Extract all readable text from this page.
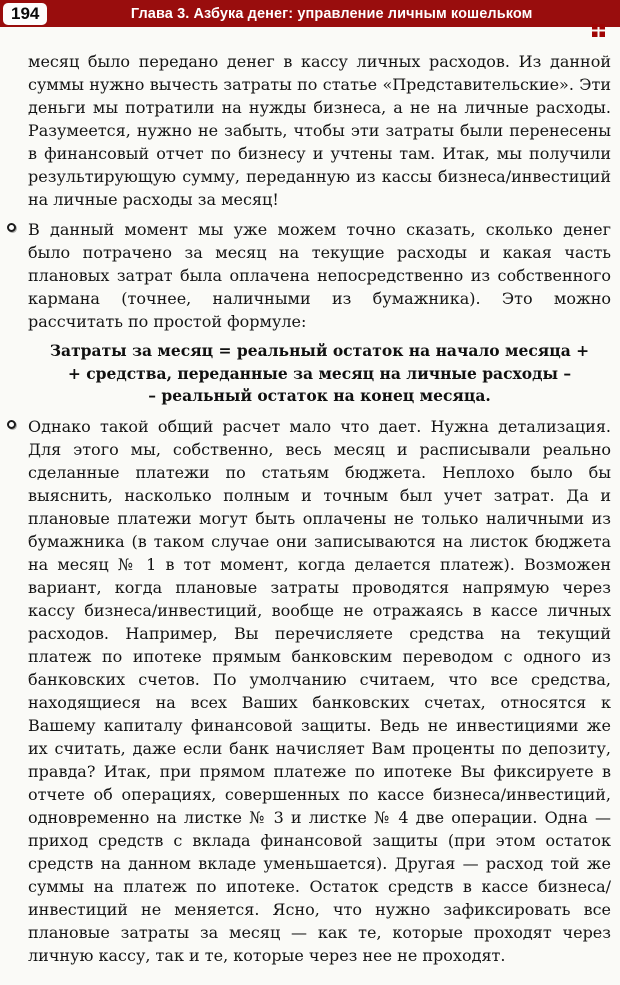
194	Глава 3. Азбука денег: управление личным кошельком

месяц было передано денег в кассу личных расходов. Из данной суммы нужно вычесть затраты по статье «Представительские». Эти деньги мы потратили на нужды бизнеса, а не на личные расходы. Разумеется, нужно не забыть, чтобы эти затраты были перенесены в финансовый отчет по бизнесу и учтены там. Итак, мы получили результирующую сумму, переданную из кассы бизнеса/инвестиций на личные расходы за месяц!

В данный момент мы уже можем точно сказать, сколько денег было потрачено за месяц на текущие расходы и какая часть плановых затрат была оплачена непосредственно из собственного кармана (точнее, наличными из бумажника). Это можно рассчитать по простой формуле:

Затраты за месяц = реальный остаток на начало месяца +
+ средства, переданные за месяц на личные расходы –
– реальный остаток на конец месяца.

Однако такой общий расчет мало что дает. Нужна детализация. Для этого мы, собственно, весь месяц и расписывали реально сделанные платежи по статьям бюджета. Неплохо было бы выяснить, насколько полным и точным был учет затрат. Да и плановые платежи могут быть оплачены не только наличными из бумажника (в таком случае они записываются на листок бюджета на месяц № 1 в тот момент, когда делается платеж). Возможен вариант, когда плановые затраты проводятся напрямую через кассу бизнеса/инвестиций, вообще не отражаясь в кассе личных расходов. Например, Вы перечисляете средства на текущий платеж по ипотеке прямым банковским переводом с одного из банковских счетов. По умолчанию считаем, что все средства, находящиеся на всех Ваших банковских счетах, относятся к Вашему капиталу финансовой защиты. Ведь не инвестициями же их считать, даже если банк начисляет Вам проценты по депозиту, правда? Итак, при прямом платеже по ипотеке Вы фиксируете в отчете об операциях, совершенных по кассе бизнеса/инвестиций, одновременно на листке № 3 и листке № 4 две операции. Одна — приход средств с вклада финансовой защиты (при этом остаток средств на данном вкладе уменьшается). Другая — расход той же суммы на платеж по ипотеке. Остаток средств в кассе бизнеса/инвестиций не меняется. Ясно, что нужно зафиксировать все плановые затраты за месяц — как те, которые проходят через личную кассу, так и те, которые через нее не проходят.
